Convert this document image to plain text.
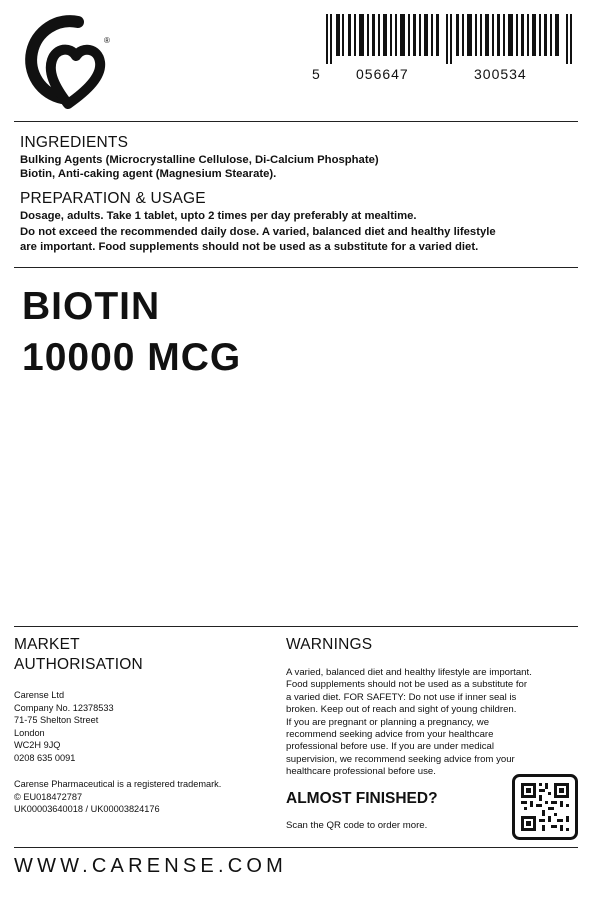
®
5	056647	300534
INGREDIENTS
Bulking Agents (Microcrystalline Cellulose, Di-Calcium Phosphate)
Biotin, Anti-caking agent (Magnesium Stearate).
PREPARATION & USAGE
Dosage, adults. Take 1 tablet, upto 2 times per day preferably at mealtime.
Do not exceed the recommended daily dose. A varied, balanced diet and healthy lifestyle
are important. Food supplements should not be used as a substitute for a varied diet.
BIOTIN
10000 MCG
MARKET
AUTHORISATION
Carense Ltd
Company No. 12378533
71-75 Shelton Street
London
WC2H 9JQ
0208 635 0091
Carense Pharmaceutical is a registered trademark.
© EU018472787
UK00003640018 / UK00003824176
WARNINGS
A varied, balanced diet and healthy lifestyle are important.
Food supplements should not be used as a substitute for
a varied diet. FOR SAFETY: Do not use if inner seal is
broken. Keep out of reach and sight of young children.
If you are pregnant or planning a pregnancy, we
recommend seeking advice from your healthcare
professional before use. If you are under medical
supervision, we recommend seeking advice from your
healthcare professional before use.
ALMOST FINISHED?
Scan the QR code to order more.
WWW.CARENSE.COM
